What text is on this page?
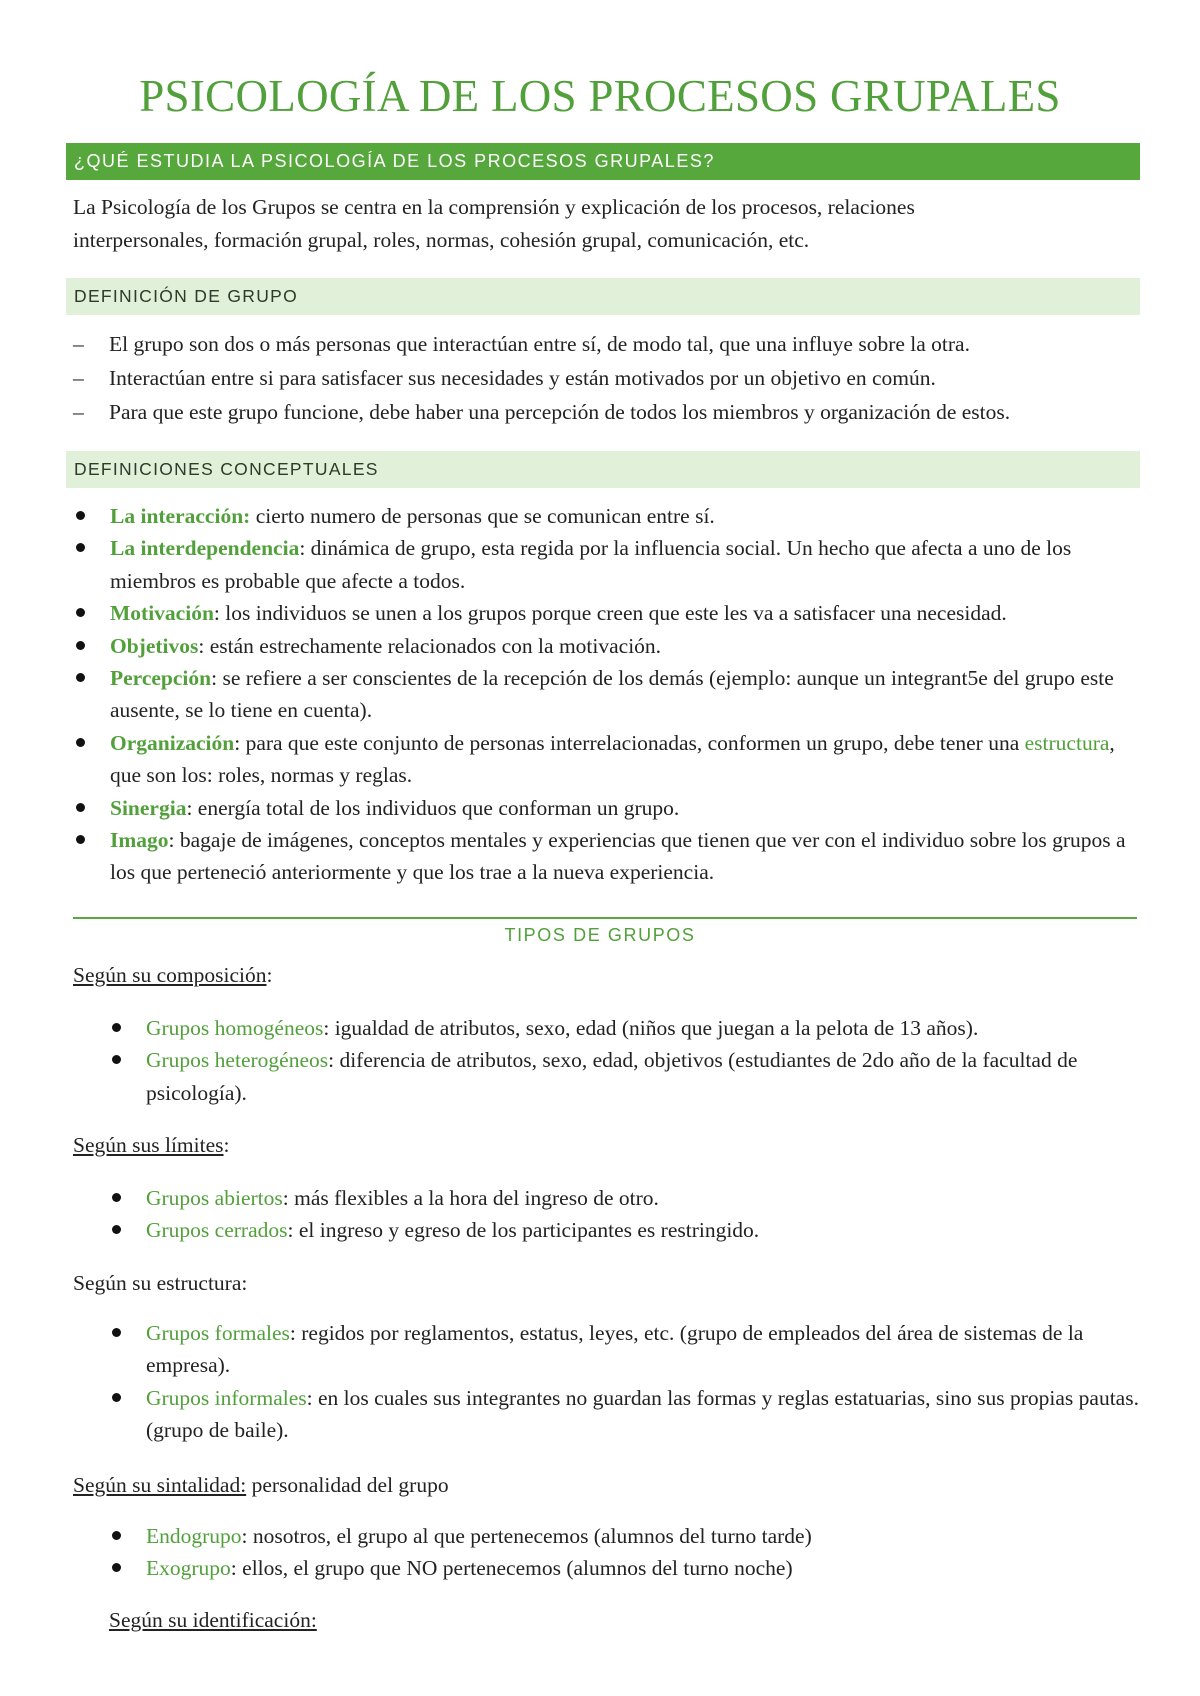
PSICOLOGÍA DE LOS PROCESOS GRUPALES
¿QUÉ ESTUDIA LA PSICOLOGÍA DE LOS PROCESOS GRUPALES?

La Psicología de los Grupos se centra en la comprensión y explicación de los procesos, relaciones
interpersonales, formación grupal, roles, normas, cohesión grupal, comunicación, etc.

DEFINICIÓN DE GRUPO
– El grupo son dos o más personas que interactúan entre sí, de modo tal, que una influye sobre la otra.
– Interactúan entre si para satisfacer sus necesidades y están motivados por un objetivo en común.
– Para que este grupo funcione, debe haber una percepción de todos los miembros y organización de estos.
DEFINICIONES CONCEPTUALES
La interacción: cierto numero de personas que se comunican entre sí.
La interdependencia: dinámica de grupo, esta regida por la influencia social. Un hecho que afecta a uno de los miembros es probable que afecte a todos.
Motivación: los individuos se unen a los grupos porque creen que este les va a satisfacer una necesidad.
Objetivos: están estrechamente relacionados con la motivación.
Percepción: se refiere a ser conscientes de la recepción de los demás (ejemplo: aunque un integrant5e del grupo este ausente, se lo tiene en cuenta).
Organización: para que este conjunto de personas interrelacionadas, conformen un grupo, debe tener una estructura, que son los: roles, normas y reglas.
Sinergia: energía total de los individuos que conforman un grupo.
Imago: bagaje de imágenes, conceptos mentales y experiencias que tienen que ver con el individuo sobre los grupos a los que perteneció anteriormente y que los trae a la nueva experiencia.
TIPOS DE GRUPOS
Según su composición:
Grupos homogéneos: igualdad de atributos, sexo, edad (niños que juegan a la pelota de 13 años).
Grupos heterogéneos: diferencia de atributos, sexo, edad, objetivos (estudiantes de 2do año de la facultad de psicología).
Según sus límites:
Grupos abiertos: más flexibles a la hora del ingreso de otro.
Grupos cerrados: el ingreso y egreso de los participantes es restringido.
Según su estructura:
Grupos formales: regidos por reglamentos, estatus, leyes, etc. (grupo de empleados del área de sistemas de la empresa).
Grupos informales: en los cuales sus integrantes no guardan las formas y reglas estatuarias, sino sus propias pautas. (grupo de baile).
Según su sintalidad: personalidad del grupo
Endogrupo: nosotros, el grupo al que pertenecemos (alumnos del turno tarde)
Exogrupo: ellos, el grupo que NO pertenecemos (alumnos del turno noche)
Según su identificación:
